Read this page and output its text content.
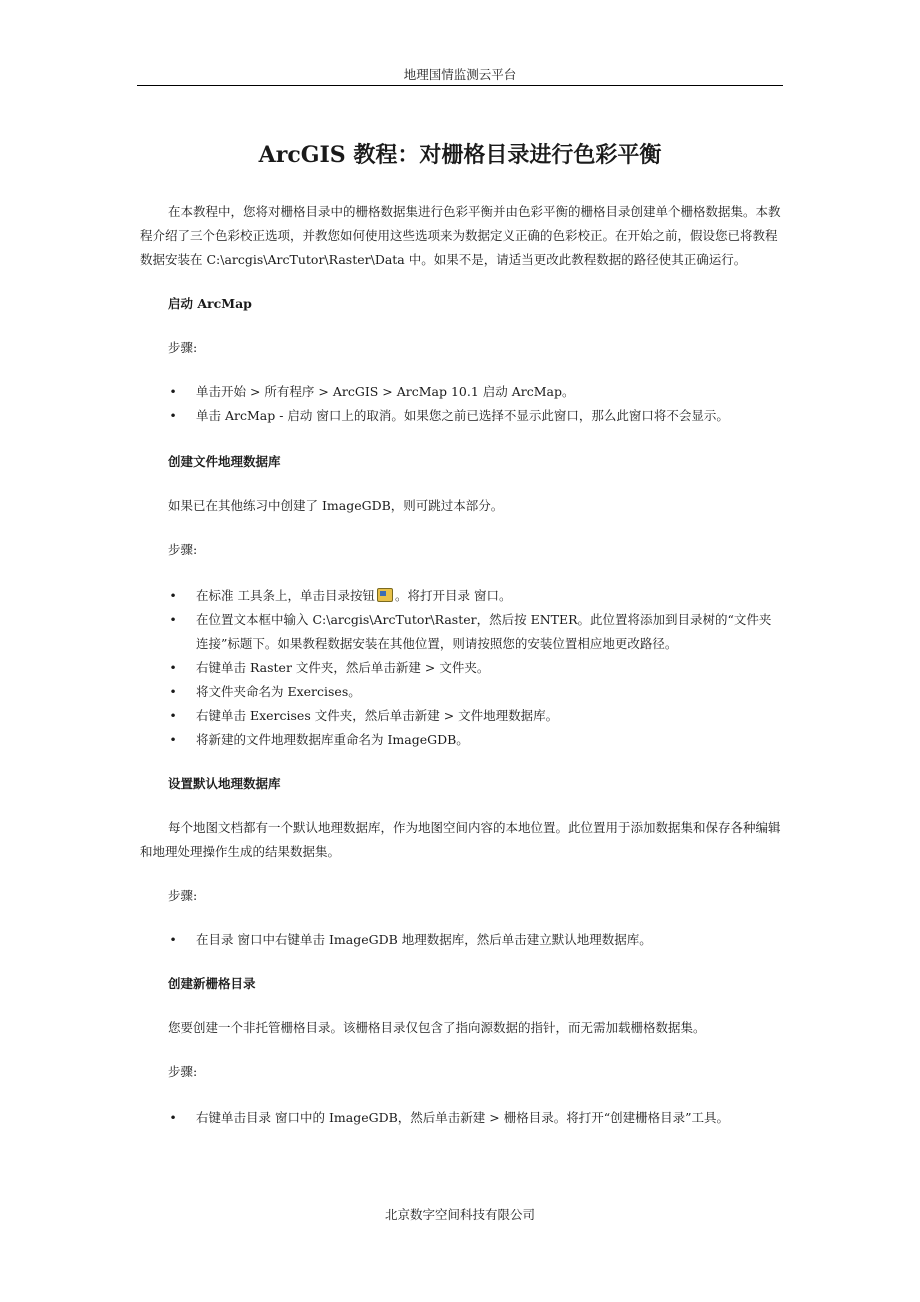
地理国情监测云平台
ArcGIS 教程：对栅格目录进行色彩平衡

在本教程中，您将对栅格目录中的栅格数据集进行色彩平衡并由色彩平衡的栅格目录创建单个栅格数据集。本教程介绍了三个色彩校正选项，并教您如何使用这些选项来为数据定义正确的色彩校正。在开始之前，假设您已将教程数据安装在 C:\arcgis\ArcTutor\Raster\Data 中。如果不是，请适当更改此教程数据的路径使其正确运行。

启动 ArcMap

步骤:

• 单击开始 > 所有程序 > ArcGIS > ArcMap 10.1 启动 ArcMap。
• 单击 ArcMap - 启动 窗口上的取消。如果您之前已选择不显示此窗口，那么此窗口将不会显示。

创建文件地理数据库

如果已在其他练习中创建了 ImageGDB，则可跳过本部分。

步骤:

• 在标准 工具条上，单击目录按钮 。将打开目录 窗口。
• 在位置文本框中输入 C:\arcgis\ArcTutor\Raster，然后按 ENTER。此位置将添加到目录树的“文件夹连接”标题下。如果教程数据安装在其他位置，则请按照您的安装位置相应地更改路径。
• 右键单击 Raster 文件夹，然后单击新建 > 文件夹。
• 将文件夹命名为 Exercises。
• 右键单击 Exercises 文件夹，然后单击新建 > 文件地理数据库。
• 将新建的文件地理数据库重命名为 ImageGDB。

设置默认地理数据库

每个地图文档都有一个默认地理数据库，作为地图空间内容的本地位置。此位置用于添加数据集和保存各种编辑和地理处理操作生成的结果数据集。

步骤:

• 在目录 窗口中右键单击 ImageGDB 地理数据库，然后单击建立默认地理数据库。

创建新栅格目录

您要创建一个非托管栅格目录。该栅格目录仅包含了指向源数据的指针，而无需加载栅格数据集。

步骤:

• 右键单击目录 窗口中的 ImageGDB，然后单击新建 > 栅格目录。将打开“创建栅格目录”工具。
北京数字空间科技有限公司
